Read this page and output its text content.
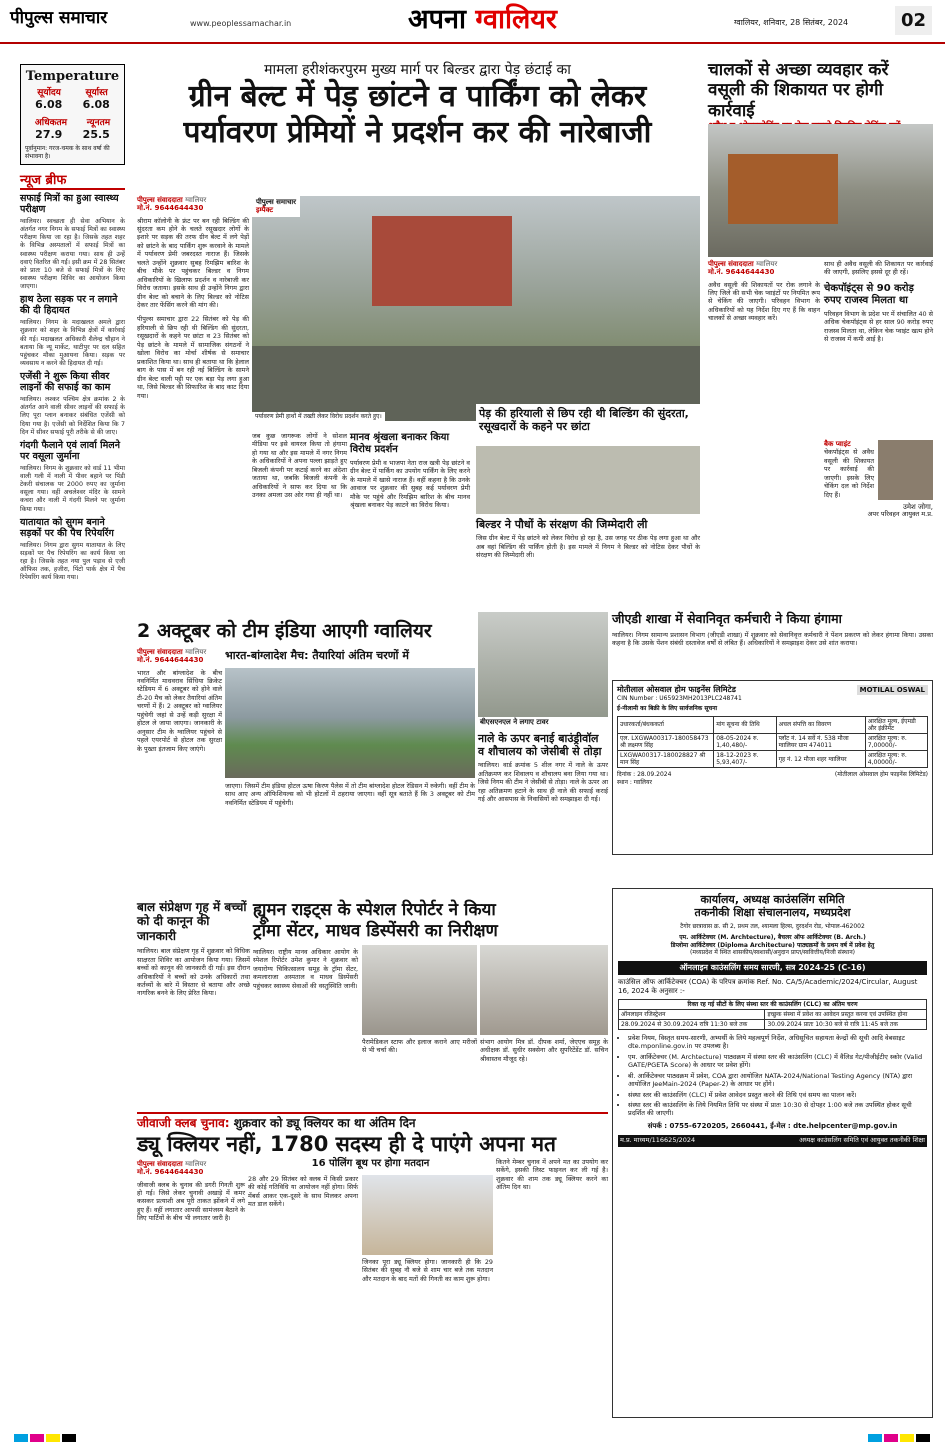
पीपुल्स समाचार	www.peoplessamachar.in	अपना ग्वालियर	ग्वालियर, शनिवार, 28 सितंबर, 2024	02
Temperature
सूर्योदय	सूर्यास्त
6.08 6.08
अधिकतम न्यूनतम
27.9 25.5
पूर्वानुमान: गरज-चमक के साथ वर्षा की संभावना है।
न्यूज ब्रीफ
सफाई मित्रों का हुआ स्वास्थ्य परीक्षण
ग्वालियर। स्वच्छता ही सेवा अभियान के अंतर्गत नगर निगम के सफाई मित्रों का स्वास्थ्य परीक्षण किया जा रहा है। जिसके तहत शहर के विभिन्न अस्पतालों में सफाई मित्रों का स्वास्थ्य परीक्षण कराया गया। साथ ही उन्हें दवाएं वितरित की गईं। इसी क्रम में 28 सितंबर को प्रातः 10 बजे से सफाई मित्रों के लिए स्वास्थ्य परीक्षण शिविर का आयोजन किया जाएगा।
हाथ ठेला सड़क पर न लगाने की दी हिदायत
ग्वालियर। निगम के मदाखलत अमले द्वारा शुक्रवार को शहर के विभिन्न क्षेत्रों में कार्रवाई की गई। मदाखलत अधिकारी शैलेन्द्र चौहान ने बताया कि न्यू मार्केट, थाटीपुर पर दल सहित पहुंचकर मौका मुआयना किया। सड़क पर व्यवसाय न करने की हिदायत दी गई।
एजेंसी ने शुरू किया सीवर लाइनों की सफाई का काम
ग्वालियर। लश्कर पश्चिम क्षेत्र क्रमांक 2 के अंतर्गत आने वाली सीवर लाइनों की सफाई के लिए पूरा प्लान बनाकर संबंधित एजेंसी को दिया गया है। एजेंसी को निर्देशित किया कि 7 दिन में सीवर सफाई पूरी तरीके से की जाए।
गंदगी फैलाने एवं लार्वा मिलने पर वसूला जुर्माना
ग्वालियर। निगम के शुक्रवार को वार्ड 11 भीमा वाली गली में नाली में पीवर बहाने पर पिंडी टेकरी संचालक पर 2000 रुपए का जुर्माना वसूला गया। वहीं अचलेश्वर मंदिर के सामने कचरा और नाली में गंदगी मिलने पर जुर्माना किया गया।
यातायात को सुगम बनाने सड़कों पर की पैच रिपेयरिंग
ग्वालियर। निगम द्वारा सुगम यातायात के लिए सड़कों पर पैच रिपेयरिंग का कार्य किया जा रहा है। जिसके तहत नया पुल पड़ाव से एजी ऑफिस तक, हजीरा, पिंटो पार्क क्षेत्र में पैच रिपेयरिंग कार्य किया गया।
मामला हरीशंकरपुरम मुख्य मार्ग पर बिल्डर द्वारा पेड़ छंटाई का
ग्रीन बेल्ट में पेड़ छांटने व पार्किंग को लेकर
पर्यावरण प्रेमियों ने प्रदर्शन कर की नारेबाजी
पीपुल्स संवाददाता ग्वालियर
मो.नं. 9644644430
श्रीराम कॉलोनी के फ्रंट पर बन रही बिल्डिंग की सुंदरता कम होने के चलते रसूखदार लोगों के इशारे पर सड़क की तरफ ग्रीन बेल्ट में लगे पेड़ों को छांटने के बाद पार्किंग शुरू करवाने के मामले में पर्यावरण प्रेमी जबरदस्त नाराज हैं। जिसके चलते उन्होंने शुक्रवार सुबह रिमझिम बारिश के बीच मौके पर पहुंचकर बिल्डर व निगम अधिकारियों के खिलाफ प्रदर्शन व नारेबाजी कर विरोध जताया। इसके साथ ही उन्होंने निगम द्वारा ग्रीन बेल्ट को बचाने के लिए बिल्डर को नोटिस देकर तार फेंसिंग करने की मांग की।
पीपुल्स समाचार द्वारा 22 सितंबर को पेड़ की हरियाली से छिप रही थी बिल्डिंग की सुंदरता, रसूखदारों के कहने पर छांटा व 23 सितंबर को पेड़ छांटने के मामले में सामाजिक संगठनों ने खोला विरोध का मोर्चा शीर्षक से समाचार प्रकाशित किया था। साथ ही बताया था कि हेलाल बाग के पास में बन रही नई बिल्डिंग के सामने ग्रीन बेल्ट वाली पट्टी पर एक बड़ा पेड़ लगा हुआ था, जिसे बिल्डर की सिफारिश के बाद काट दिया गया।
पीपुल्स समाचार
इम्पैक्ट
पर्यावरण प्रेमी हाथों में तख्ती लेकर विरोध प्रदर्शन करते हुए।	पेड़ की हरियाली से छिप रही थी बिल्डिंग की सुंदरता, रसूखदारों के कहने पर छांटा
जब कुछ जागरूक लोगों ने सोशल मीडिया पर इसे वायरल किया तो हंगामा हो गया था और इस मामले में नगर निगम के अधिकारियों ने अपना पल्ला झाड़ते हुए बिजली कंपनी पर कटाई करने का अंदेशा जताया था, जबकि बिजली कंपनी के अधिकारियों ने साफ कर दिया था कि उनका अमला उस ओर गया ही नहीं था।
मानव श्रृंखला बनाकर किया विरोध प्रदर्शन
पर्यावरण प्रेमी व भाजपा नेता राज खत्री पेड़ छांटने व ग्रीन बेल्ट में पार्किंग का उपयोग पार्किंग के लिए करने के मामले में खासे नाराज हैं। वहीं कहना है कि उनके आवाज पर शुक्रवार की सुबह कई पर्यावरण प्रेमी मौके पर पहुंचे और रिमझिम बारिश के बीच मानव श्रृंखला बनाकर पेड़ काटने का विरोध किया।
बिल्डर ने पौधों के संरक्षण की जिम्मेदारी ली
जिस ग्रीन बेल्ट में पेड़ छांटने को लेकर विरोध हो रहा है, उस जगह पर ठीक पेड़ लगा हुआ था और अब वहां बिल्डिंग की पार्किंग होती है। इस मामले में निगम ने बिल्डर को नोटिस देकर पौधों के संरक्षण की जिम्मेदारी ली।
2 अक्टूबर को टीम इंडिया आएगी ग्वालियर
पीपुल्स संवाददाता ग्वालियर
मो.नं. 9644644430
भारत और बांग्लादेश के बीच नवनिर्मित माधवराव सिंधिया क्रिकेट स्टेडियम में 6 अक्टूबर को होने वाले टी-20 मैच को लेकर तैयारियां अंतिम चरणों में हैं। 2 अक्टूबर को ग्वालियर पहुंचेगी जहां से उन्हें कड़ी सुरक्षा में होटल ले जाया जाएगा। जानकारी के अनुसार टीम के ग्वालियर पहुंचने से पहले एयरपोर्ट से होटल तक सुरक्षा के पुख्ता इंतजाम किए जाएंगे।
भारत-बांग्लादेश मैच: तैयारियां अंतिम चरणों में
जाएगा। जिसमें टीम इंडिया होटल ऊषा किरण पैलेस में तो टीम बांग्लादेश होटल रेडिसन में रुकेगी। वहीं टीम के साथ आए अन्य ऑफिशियल्स को भी होटलों में ठहराया जाएगा। वहीं सूत्र बताते हैं कि 3 अक्टूबर को टीम नवनिर्मित स्टेडियम में पहुंचेगी।
बीएसएनएल ने लगाए टावर
नाले के ऊपर बनाई बाउंड्रीवॉल व शौचालय को जेसीबी से तोड़ा
ग्वालियर। वार्ड क्रमांक 5 शील नगर में नाले के ऊपर अतिक्रमण कर शिवालय व शौचालय बना लिया गया था। जिसे निगम की टीम ने जेसीबी से तोड़ा। नाले के ऊपर आ रहा अतिक्रमण हटाने के साथ ही नाले की सफाई कराई गई और आसपास के निवासियों को समझाइश दी गई।
चालकों से अच्छा व्यवहार करें
वसूली की शिकायत पर होगी कार्रवाई
पीपुल्स संवाददाता ग्वालियर
मो.नं. 9644644430
अवैध वसूली की शिकायतों पर रोक लगाने के लिए जिले की सभी चेक प्वाइंटों पर नियमित रूप से चेकिंग की जाएगी। परिवहन विभाग के अधिकारियों को यह निर्देश दिए गए हैं कि वाहन चालकों से अच्छा व्यवहार करें।
साथ ही अवैध वसूली की शिकायत पर कार्रवाई की जाएगी, इसलिए इससे दूर ही रहें।
चेकपॉइंट्स से 90 करोड़ रुपए राजस्व मिलता था
परिवहन विभाग के प्रदेश भर में संचालित 40 से अधिक चेकपॉइंट्स से हर साल 90 करोड़ रुपए राजस्व मिलता था, लेकिन चेक प्वाइंट खत्म होने से राजस्व में कमी आई है।
बैक प्वाइंट
चेकपॉइंट्स से अवैध वसूली की शिकायत पर कार्रवाई की जाएगी। इसके लिए चेकिंग दल को निर्देश दिए हैं।
उमेश जोगा,
अपर परिवहन आयुक्त म.प्र.
जीएडी शाखा में सेवानिवृत कर्मचारी ने किया हंगामा
ग्वालियर। निगम सामान्य प्रशासन विभाग (जीएडी शाखा) में शुक्रवार को सेवानिवृत्त कर्मचारी ने पेंशन प्रकरण को लेकर हंगामा किया। उसका कहना है कि उसके पेंशन संबंधी दस्तावेज वर्षों से लंबित हैं। अधिकारियों ने समझाइश देकर उसे शांत कराया।
मोतीलाल ओसवाल होम फाइनेंस लिमिटेड	MOTILAL OSWAL
CIN Number : U65923MH2013PLC248741
ई-नीलामी का बिक्री के लिए सार्वजनिक सूचना
उधारकर्ता/बंधककर्ता	मांग सूचना की तिथि	अचल संपत्ति का विवरण	आरक्षित मूल्य, ईएमडी और इंक्रीमेंट
एल. LXGWA00317-180058473 श्री लक्ष्मण सिंह	08-05-2024 रु. 1,40,480/-	प्लॉट नं. 14 सर्वे नं. 538 मौजा ग्वालियर ग्राम 474011	आरक्षित मूल्य: रु. 7,00000/-
LXGWA00317-180028827 श्री मान सिंह	18-12-2023 रु. 5,93,407/-	गृह नं. 12 मौजा शहर ग्वालियर	आरक्षित मूल्य: रु. 4,00000/-
दिनांक : 28.09.2024
स्थान : ग्वालियर
(मोतीलाल ओसवाल होम फाइनेंस लिमिटेड)
बाल संप्रेक्षण गृह में बच्चों को दी कानून की जानकारी
ग्वालियर। बाल संप्रेक्षण गृह में शुक्रवार को विधिक साक्षरता शिविर का आयोजन किया गया। जिसमें बच्चों को कानून की जानकारी दी गई। इस दौरान अधिकारियों ने बच्चों को उनके अधिकारों तथा कर्तव्यों के बारे में विस्तार से बताया और अच्छे नागरिक बनने के लिए प्रेरित किया।
ह्यूमन राइट्स के स्पेशल रिपोर्टर ने किया
ट्रॉमा सेंटर, माधव डिस्पेंसरी का निरीक्षण
ग्वालियर। राष्ट्रीय मानव अधिकार आयोग के स्पेशल रिपोर्टर उमेश कुमार ने शुक्रवार को जयारोग्य चिकित्सालय समूह के ट्रॉमा सेंटर, कमलाराजा अस्पताल व माधव डिस्पेंसरी पहुंचकर स्वास्थ्य सेवाओं की वस्तुस्थिति जानी।
पैरामेडिकल स्टाफ और इलाज कराने आए मरीजों से भी चर्चा की।
संभाग आयोग मित्र डॉ. दीपक शर्मा, जेएएच समूह के अधीक्षक डॉ. सुधीर सक्सेना और सुपरिटेंडेंट डॉ. सचिन श्रीवास्तव मौजूद रहे।
जीवाजी क्लब चुनाव: शुक्रवार को ड्यू क्लियर का था अंतिम दिन
ड्यू क्लियर नहीं, 1780 सदस्य ही दे पाएंगे अपना मत
पीपुल्स संवाददाता ग्वालियर
मो.नं. 9644644430
जीवाजी क्लब के चुनाव की डगरी गिनती शुरू हो गई। जिसे लेकर चुनावी अखाड़े में कमर कसकर प्रत्याशी अब पूरी ताकत झोंकने में लगे हुए हैं। वहीं लगातार आपसी सामंजस्य बैठाने के लिए पार्टियों के बीच भी लगातार जारी है।
16 पोलिंग बूथ पर होगा मतदान
28 और 29 सितंबर को क्लब में किसी प्रकार की कोई गतिविधि या आयोजन नहीं होगा। सिर्फ मेंबर्स आकर एक-दूसरे के साथ मिलकर अपना मत डाल सकेंगे।
जिनका पूरा ड्यू क्लियर होगा। जानकारी ही कि 29 सितंबर की सुबह नौ बजे से शाम चार बजे तक मतदान और मतदान के बाद मतों की गिनती का काम शुरू होगा।
कितने मेम्बर चुनाव में अपने मत का उपयोग कर सकेंगे, इसकी लिस्ट फाइनल कर ली गई है। शुक्रवार की शाम तक ड्यू क्लियर करने का अंतिम दिन था।
कार्यालय, अध्यक्ष काउंसलिंग समिति
तकनीकी शिक्षा संचालनालय, मध्यप्रदेश
टैगोर छात्रावास क्र. सी 2, प्रथम तल, श्यामला हिल्स, दुरदर्शन रोड, भोपाल-462002
एम. आर्किटेक्चर (M. Archtecture), बैचलर ऑफ आर्किटेक्चर (B. Arch.)
डिप्लोमा आर्किटेक्चर (Diploma Architecture) पाठ्यक्रमों के प्रथम वर्ष में प्रवेश हेतु
(मध्यप्रदेश में स्थित शासकीय/स्वशासी/अनुदान प्राप्त/स्ववित्तीय/निजी संस्थान)
ऑनलाइन काउंसलिंग समय सारणी, सत्र 2024-25 (C-16)
काउंसिल ऑफ आर्किटेक्चर (COA) के परिपत्र क्रमांक Ref. No. CA/5/Academic/2024/Circular, August 16, 2024 के अनुसार :-
रिक्त रह गई सीटों के लिए संस्था स्तर की काउंसलिंग (CLC) का अंतिम चरण	
ऑनलाइन रजिस्ट्रेशन	इच्छुक संस्था में प्रवेश का आवेदन प्रस्तुत करना एवं उपस्थित होना
28.09.2024 से 30.09.2024 रात्रि 11:30 बजे तक	30.09.2024 प्रातः 10:30 बजे से रात्रि 11:45 बजे तक
• प्रवेश नियम, विस्तृत समय-सारणी, अभ्यर्थी के लिये महत्वपूर्ण निर्देश, अधिसूचित सहायता केन्द्रों की सूची आदि वेबसाइट dte.mponline.gov.in पर उपलब्ध है।
• एम. आर्किटेक्चर (M. Archtecture) पाठ्यक्रम में संस्था स्तर की काउंसलिंग (CLC) में वैलिड गेट/पीजीईटीए स्कोर (Valid GATE/PGETA Score) के आधार पर प्रवेश होंगे।
• बी. आर्किटेक्चर पाठ्यक्रम में प्रवेश, COA द्वारा आयोजित NATA-2024/National Testing Agency (NTA) द्वारा आयोजित JeeMain-2024 (Paper-2) के आधार पर होंगे।
• संस्था स्तर की काउंसलिंग (CLC) में प्रवेश आवेदन प्रस्तुत करने की तिथि एवं समय का पालन करें।
• संस्था स्तर की काउंसलिंग के लिये नियमित तिथि पर संस्था में प्रातः 10:30 से दोपहर 1:00 बजे तक उपस्थित होकर सूची प्रदर्शित की जाएगी।
संपर्क : 0755-6720205, 2660441, ई-मेल : dte.helpcenter@mp.gov.in
म.प्र. माध्यम/116625/2024	अध्यक्ष काउंसलिंग समिति एवं आयुक्त तकनीकी शिक्षा
